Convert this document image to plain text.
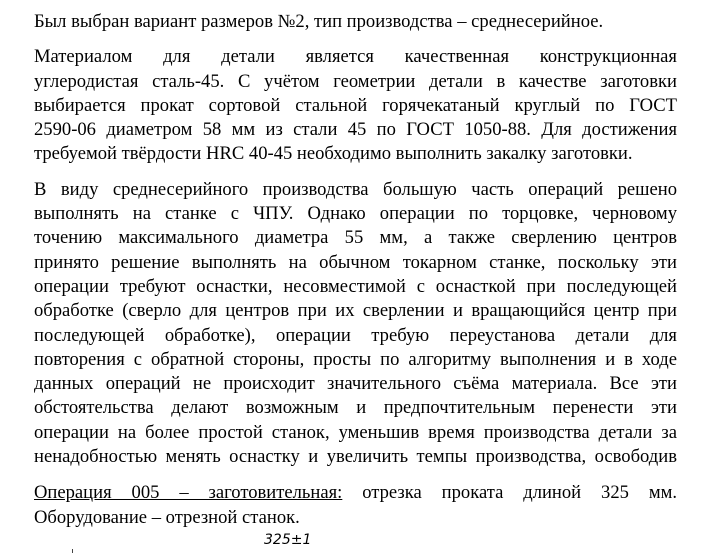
Был выбран вариант размеров №2, тип производства – среднесерийное.

Материалом для детали является качественная конструкционная
углеродистая сталь-45. С учётом геометрии детали в качестве заготовки
выбирается прокат сортовой стальной горячекатаный круглый по ГОСТ
2590-06 диаметром 58 мм из стали 45 по ГОСТ 1050-88. Для достижения
требуемой твёрдости HRC 40-45 необходимо выполнить закалку заготовки.

В виду среднесерийного производства большую часть операций решено
выполнять на станке с ЧПУ. Однако операции по торцовке, черновому
точению максимального диаметра 55 мм, а также сверлению центров
принято решение выполнять на обычном токарном станке, поскольку эти
операции требуют оснастки, несовместимой с оснасткой при последующей
обработке (сверло для центров при их сверлении и вращающийся центр при
последующей обработке), операции требую переустанова детали для
повторения с обратной стороны, просты по алгоритму выполнения и в ходе
данных операций не происходит значительного съёма материала. Все эти
обстоятельства делают возможным и предпочтительным перенести эти
операции на более простой станок, уменьшив время производства детали за
ненадобностью менять оснастку и увеличить темпы производства, освободив

Операция 005 – заготовительная: отрезка проката длиной 325 мм.
Оборудование – отрезной станок.

325±1
